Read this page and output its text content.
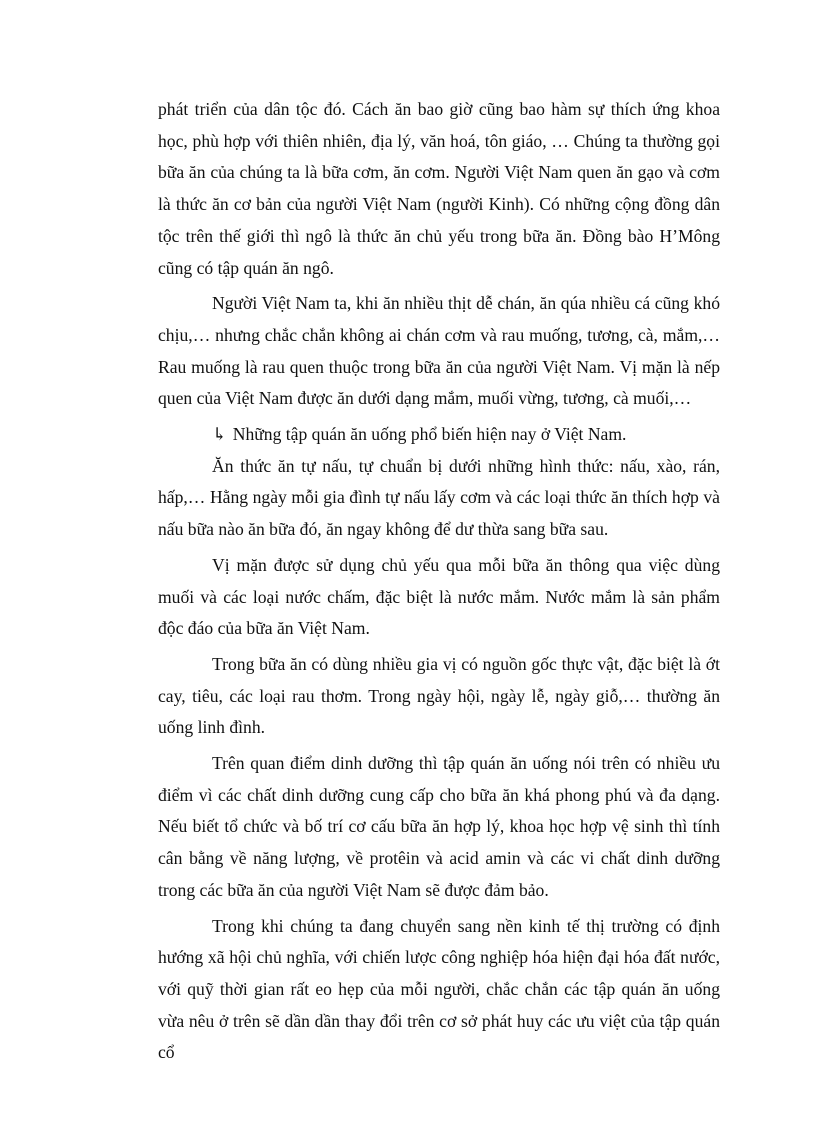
phát triển của dân tộc đó. Cách ăn bao giờ cũng bao hàm sự thích ứng khoa học, phù hợp với thiên nhiên, địa lý, văn hoá, tôn giáo, … Chúng ta thường gọi bữa ăn của chúng ta là bữa cơm, ăn cơm. Người Việt Nam quen ăn gạo và cơm là thức ăn cơ bản của người Việt Nam (người Kinh). Có những cộng đồng dân tộc trên thế giới thì ngô là thức ăn chủ yếu trong bữa ăn. Đồng bào H’Mông cũng có tập quán ăn ngô.

Người Việt Nam ta, khi ăn nhiều thịt dễ chán, ăn qúa nhiều cá cũng khó chịu,… nhưng chắc chắn không ai chán cơm và rau muống, tương, cà, mắm,… Rau muống là rau quen thuộc trong bữa ăn của người Việt Nam. Vị mặn là nếp quen của Việt Nam được ăn dưới dạng mắm, muối vừng, tương, cà muối,…

↳ Những tập quán ăn uống phổ biến hiện nay ở Việt Nam.

Ăn thức ăn tự nấu, tự chuẩn bị dưới những hình thức: nấu, xào, rán, hấp,… Hằng ngày mỗi gia đình tự nấu lấy cơm và các loại thức ăn thích hợp và nấu bữa nào ăn bữa đó, ăn ngay không để dư thừa sang bữa sau.

Vị mặn được sử dụng chủ yếu qua mỗi bữa ăn thông qua việc dùng muối và các loại nước chấm, đặc biệt là nước mắm. Nước mắm là sản phẩm độc đáo của bữa ăn Việt Nam.

Trong bữa ăn có dùng nhiều gia vị có nguồn gốc thực vật, đặc biệt là ớt cay, tiêu, các loại rau thơm. Trong ngày hội, ngày lễ, ngày giỗ,… thường ăn uống linh đình.

Trên quan điểm dinh dưỡng thì tập quán ăn uống nói trên có nhiều ưu điểm vì các chất dinh dưỡng cung cấp cho bữa ăn khá phong phú và đa dạng. Nếu biết tổ chức và bố trí cơ cấu bữa ăn hợp lý, khoa học hợp vệ sinh thì tính cân bằng về năng lượng, về protêin và acid amin và các vi chất dinh dưỡng trong các bữa ăn của người Việt Nam sẽ được đảm bảo.

Trong khi chúng ta đang chuyển sang nền kinh tế thị trường có định hướng xã hội chủ nghĩa, với chiến lược công nghiệp hóa hiện đại hóa đất nước, với quỹ thời gian rất eo hẹp của mỗi người, chắc chắn các tập quán ăn uống vừa nêu ở trên sẽ dần dần thay đổi trên cơ sở phát huy các ưu việt của tập quán cổ
